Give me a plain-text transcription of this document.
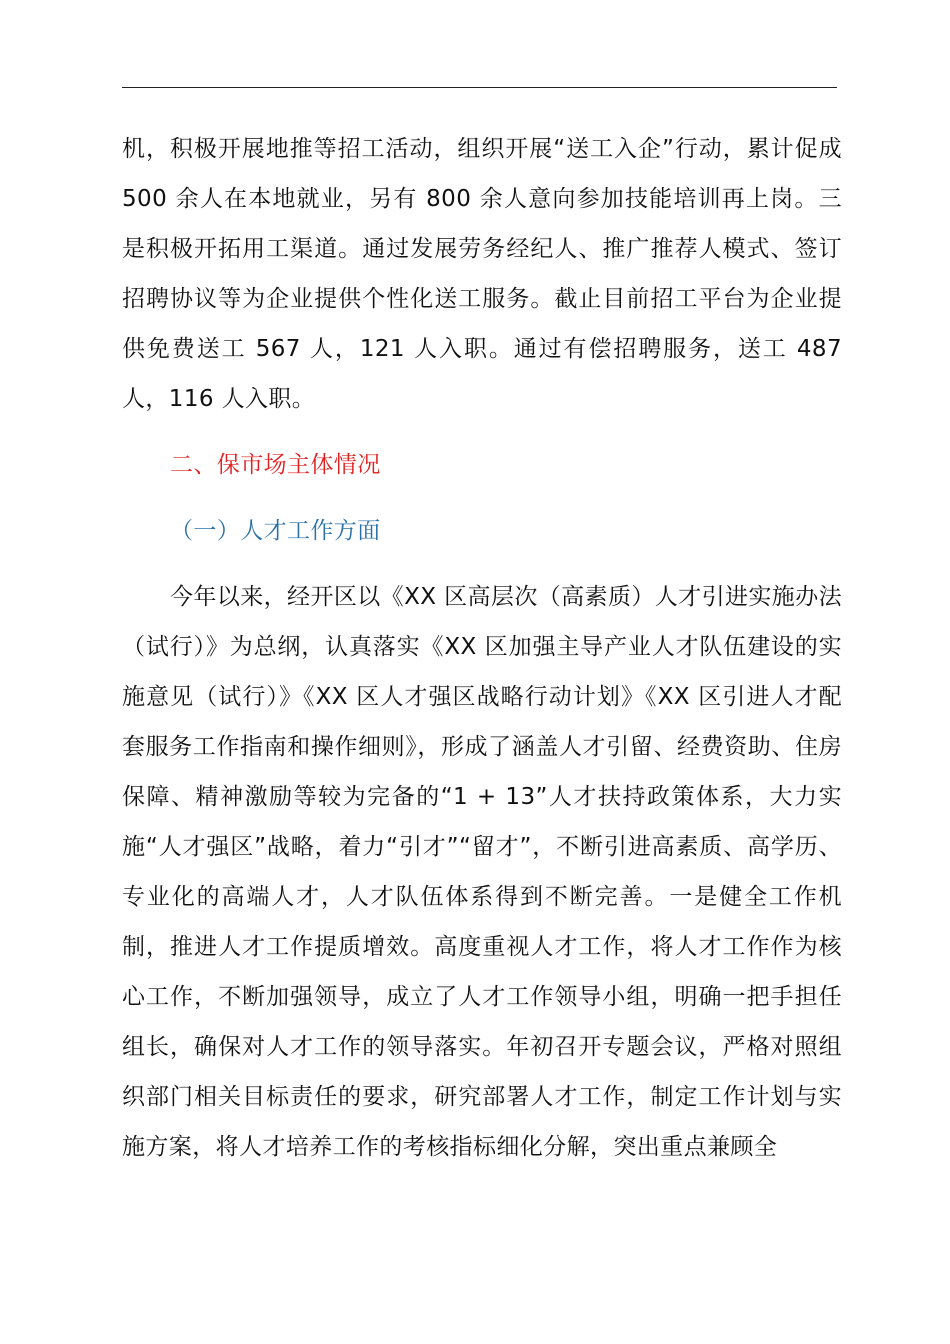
机，积极开展地推等招工活动，组织开展“送工入企”行动，累计促成 500 余人在本地就业，另有 800 余人意向参加技能培训再上岗。三是积极开拓用工渠道。通过发展劳务经纪人、推广推荐人模式、签订招聘协议等为企业提供个性化送工服务。截止目前招工平台为企业提供免费送工 567 人，121 人入职。通过有偿招聘服务，送工 487 人，116 人入职。

二、保市场主体情况
（一）人才工作方面

今年以来，经开区以《XX 区高层次（高素质）人才引进实施办法（试行）》为总纲，认真落实《XX 区加强主导产业人才队伍建设的实施意见（试行）》《XX 区人才强区战略行动计划》《XX 区引进人才配套服务工作指南和操作细则》，形成了涵盖人才引留、经费资助、住房保障、精神激励等较为完备的“1 + 13”人才扶持政策体系，大力实施“人才强区”战略，着力“引才”“留才”，不断引进高素质、高学历、专业化的高端人才，人才队伍体系得到不断完善。一是健全工作机制，推进人才工作提质增效。高度重视人才工作，将人才工作作为核心工作，不断加强领导，成立了人才工作领导小组，明确一把手担任组长，确保对人才工作的领导落实。年初召开专题会议，严格对照组织部门相关目标责任的要求，研究部署人才工作，制定工作计划与实施方案，将人才培养工作的考核指标细化分解，突出重点兼顾全
